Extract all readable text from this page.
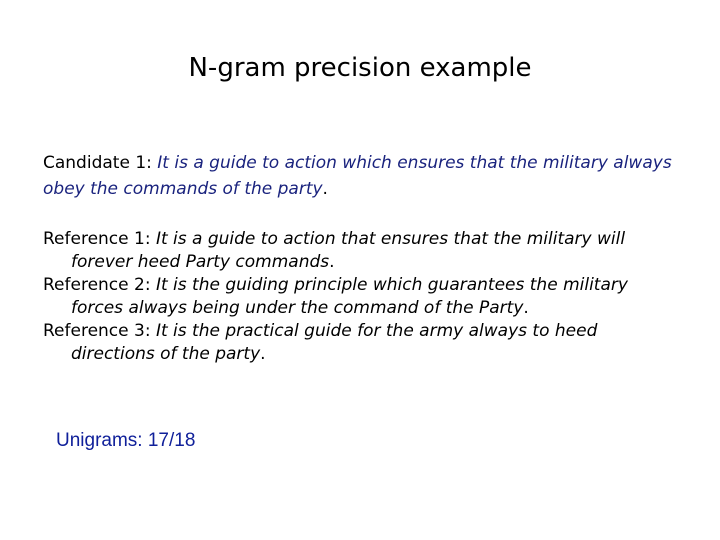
N-gram precision example
Candidate 1: It is a guide to action which ensures that the military always obey the commands of the party.
Reference 1: It is a guide to action that ensures that the military will forever heed Party commands.
Reference 2: It is the guiding principle which guarantees the military forces always being under the command of the Party.
Reference 3: It is the practical guide for the army always to heed directions of the party.
Unigrams: 17/18
